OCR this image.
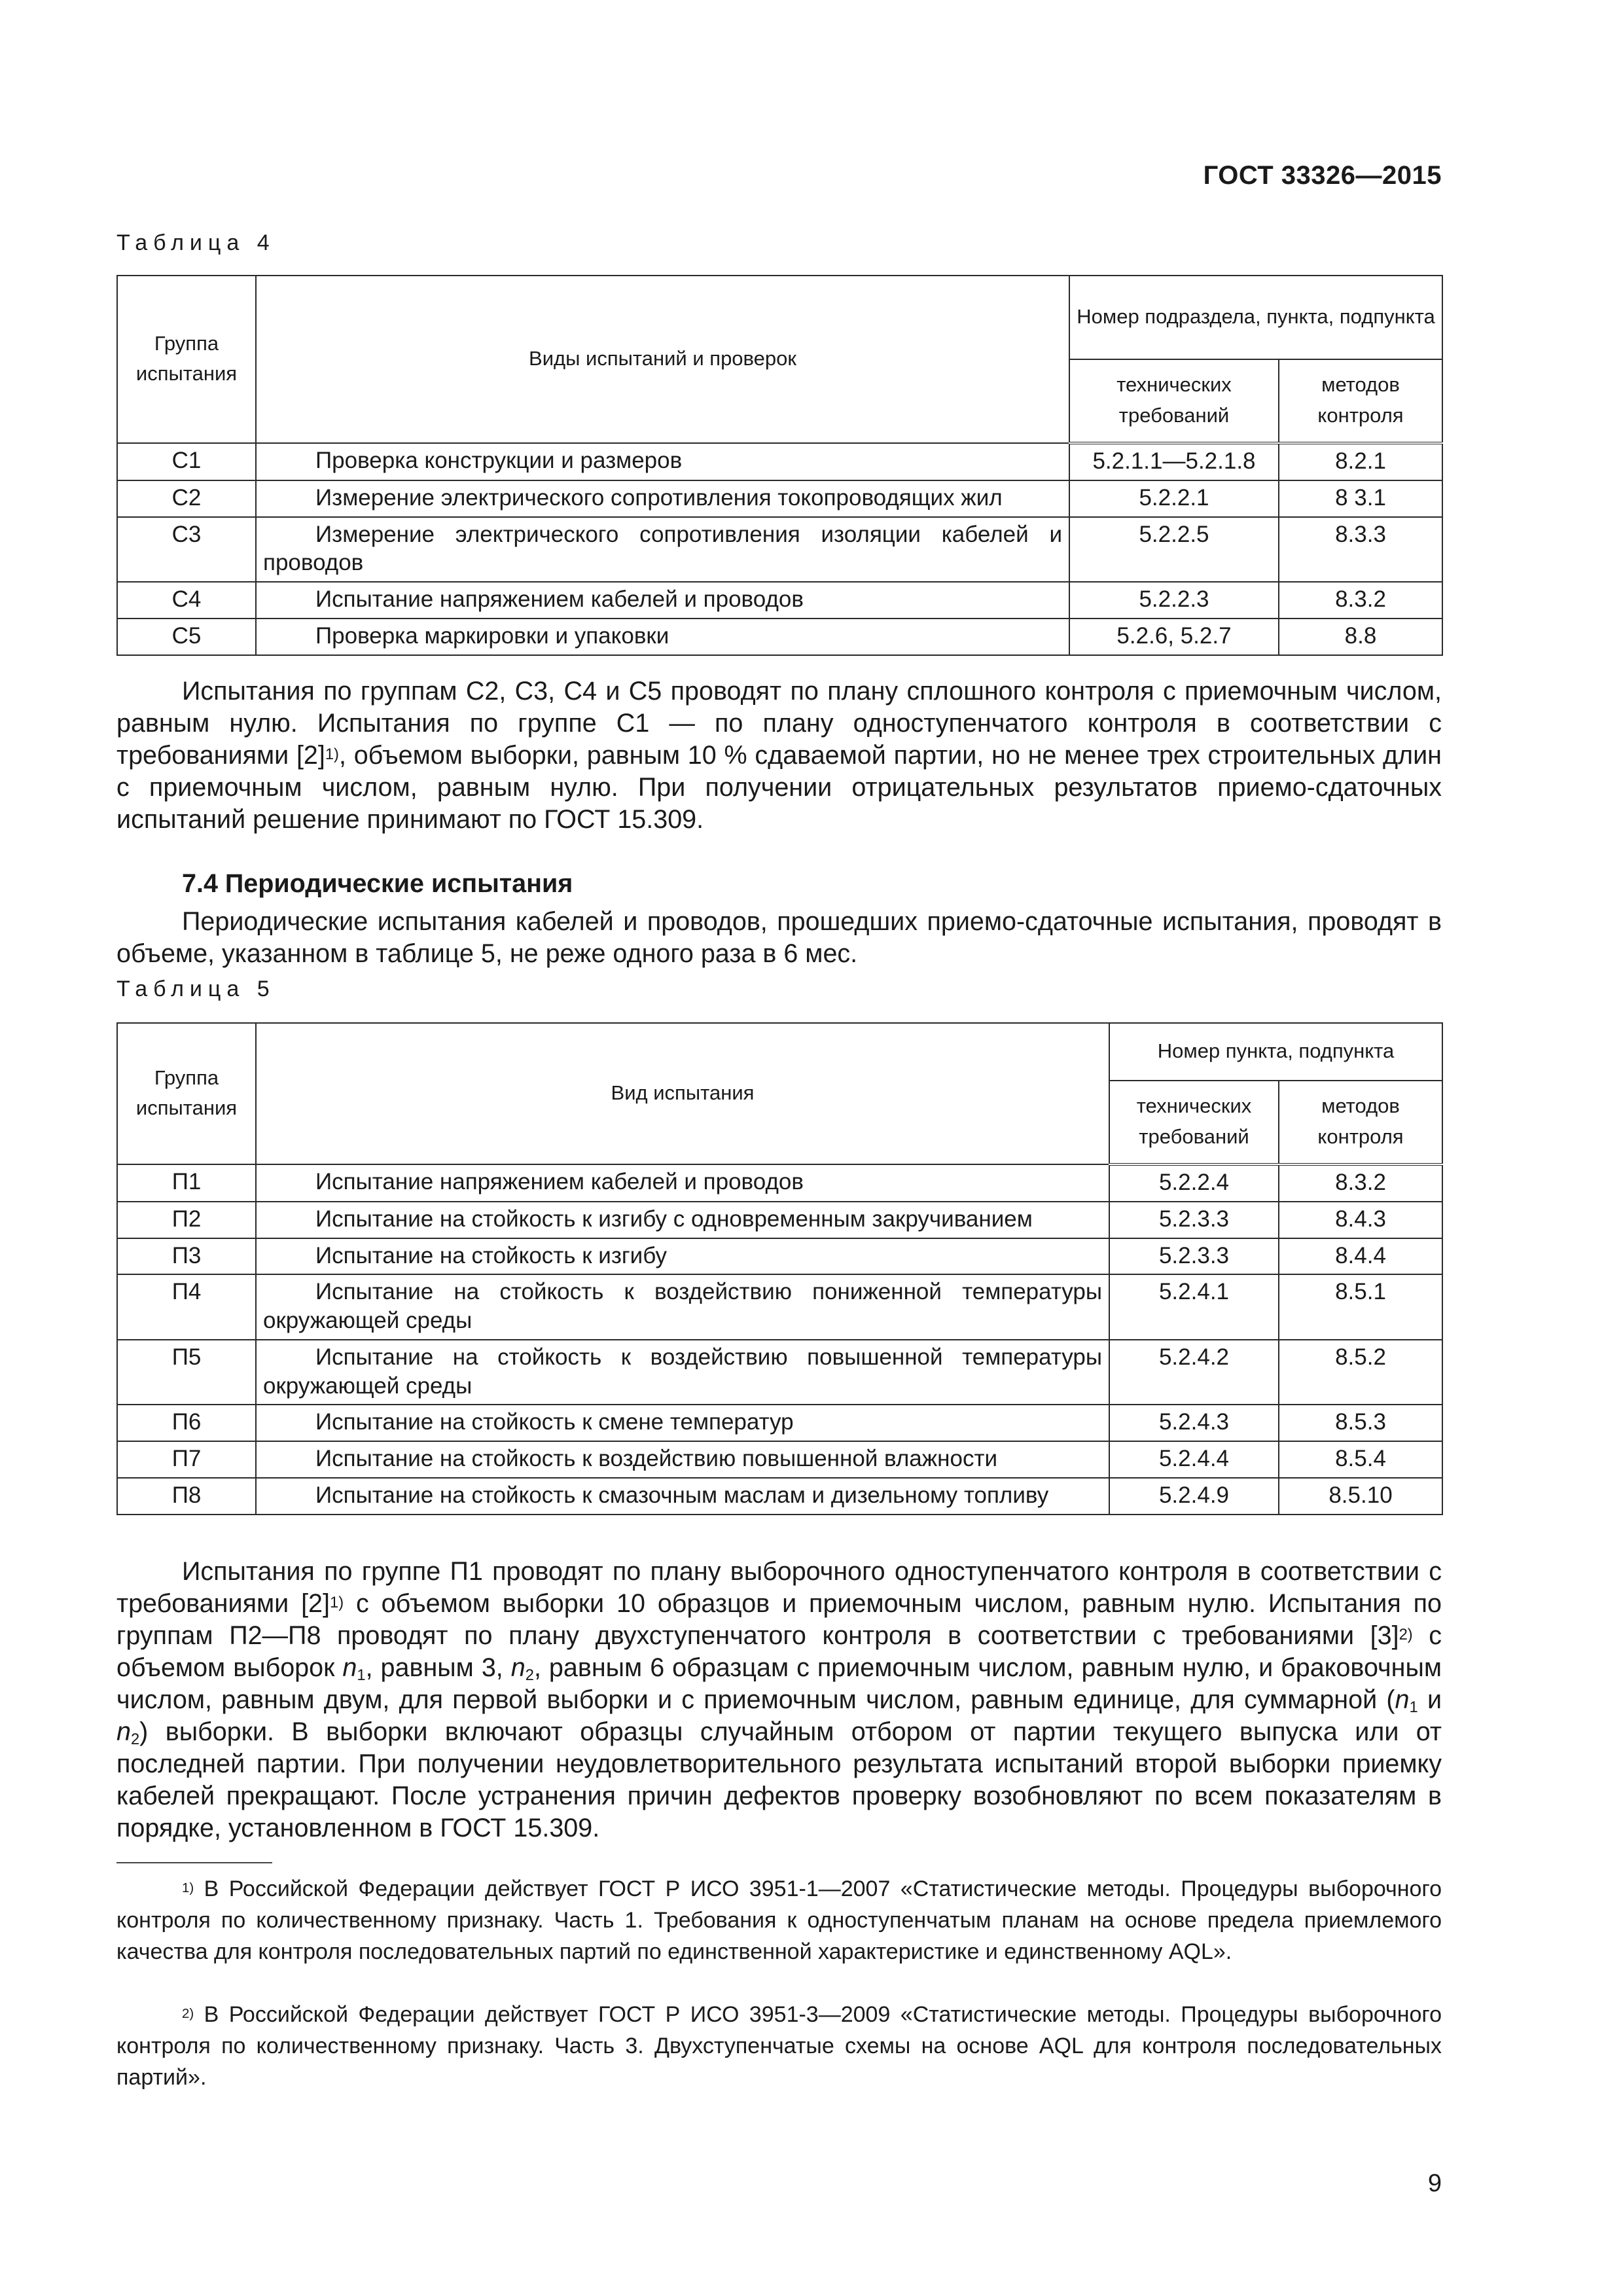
ГОСТ 33326—2015
Таблица 4
Группа испытания	Виды испытаний и проверок	Номер подраздела, пункта, подпункта	
		технических требований	методов контроля
С1	Проверка конструкции и размеров	5.2.1.1—5.2.1.8	8.2.1
С2	Измерение электрического сопротивления токопроводящих жил	5.2.2.1	8 3.1
С3	Измерение электрического сопротивления изоляции кабелей и проводов	5.2.2.5	8.3.3
С4	Испытание напряжением кабелей и проводов	5.2.2.3	8.3.2
С5	Проверка маркировки и упаковки	5.2.6, 5.2.7	8.8

Испытания по группам С2, С3, С4 и С5 проводят по плану сплошного контроля с приемочным числом, равным нулю. Испытания по группе С1 — по плану одноступенчатого контроля в соответствии с требованиями $[2]^{1)}$, объемом выборки, равным 10 % сдаваемой партии, но не менее трех строительных длин с приемочным числом, равным нулю. При получении отрицательных результатов приемо-сдаточных испытаний решение принимают по ГОСТ 15.309.

7.4 Периодические испытания

Периодические испытания кабелей и проводов, прошедших приемо-сдаточные испытания, проводят в объеме, указанном в таблице 5, не реже одного раза в 6 мес.

Таблица 5
Группа испытания	Вид испытания	Номер пункта, подпункта	
		технических требований	методов контроля
П1	Испытание напряжением кабелей и проводов	5.2.2.4	8.3.2
П2	Испытание на стойкость к изгибу с одновременным закручиванием	5.2.3.3	8.4.3
П3	Испытание на стойкость к изгибу	5.2.3.3	8.4.4
П4	Испытание на стойкость к воздействию пониженной температуры окружающей среды	5.2.4.1	8.5.1
П5	Испытание на стойкость к воздействию повышенной температуры окружающей среды	5.2.4.2	8.5.2
П6	Испытание на стойкость к смене температур	5.2.4.3	8.5.3
П7	Испытание на стойкость к воздействию повышенной влажности	5.2.4.4	8.5.4
П8	Испытание на стойкость к смазочным маслам и дизельному топливу	5.2.4.9	8.5.10

Испытания по группе П1 проводят по плану выборочного одноступенчатого контроля в соответствии с требованиями $[2]^{1)}$ с объемом выборки 10 образцов и приемочным числом, равным нулю. Испытания по группам П2—П8 проводят по плану двухступенчатого контроля в соответствии с требованиями $[3]^{2)}$ с объемом выборок $n_1$, равным 3, $n_2$, равным 6 образцам с приемочным числом, равным нулю, и браковочным числом, равным двум, для первой выборки и с приемочным числом, равным единице, для суммарной ($n_1$ и $n_2$) выборки. В выборки включают образцы случайным отбором от партии текущего выпуска или от последней партии. При получении неудовлетворительного результата испытаний второй выборки приемку кабелей прекращают. После устранения причин дефектов проверку возобновляют по всем показателям в порядке, установленном в ГОСТ 15.309.

$^{1)}$ В Российской Федерации действует ГОСТ Р ИСО 3951-1—2007 «Статистические методы. Процедуры выборочного контроля по количественному признаку. Часть 1. Требования к одноступенчатым планам на основе предела приемлемого качества для контроля последовательных партий по единственной характеристике и единственному AQL».

$^{2)}$ В Российской Федерации действует ГОСТ Р ИСО 3951-3—2009 «Статистические методы. Процедуры выборочного контроля по количественному признаку. Часть 3. Двухступенчатые схемы на основе AQL для контроля последовательных партий».

9
